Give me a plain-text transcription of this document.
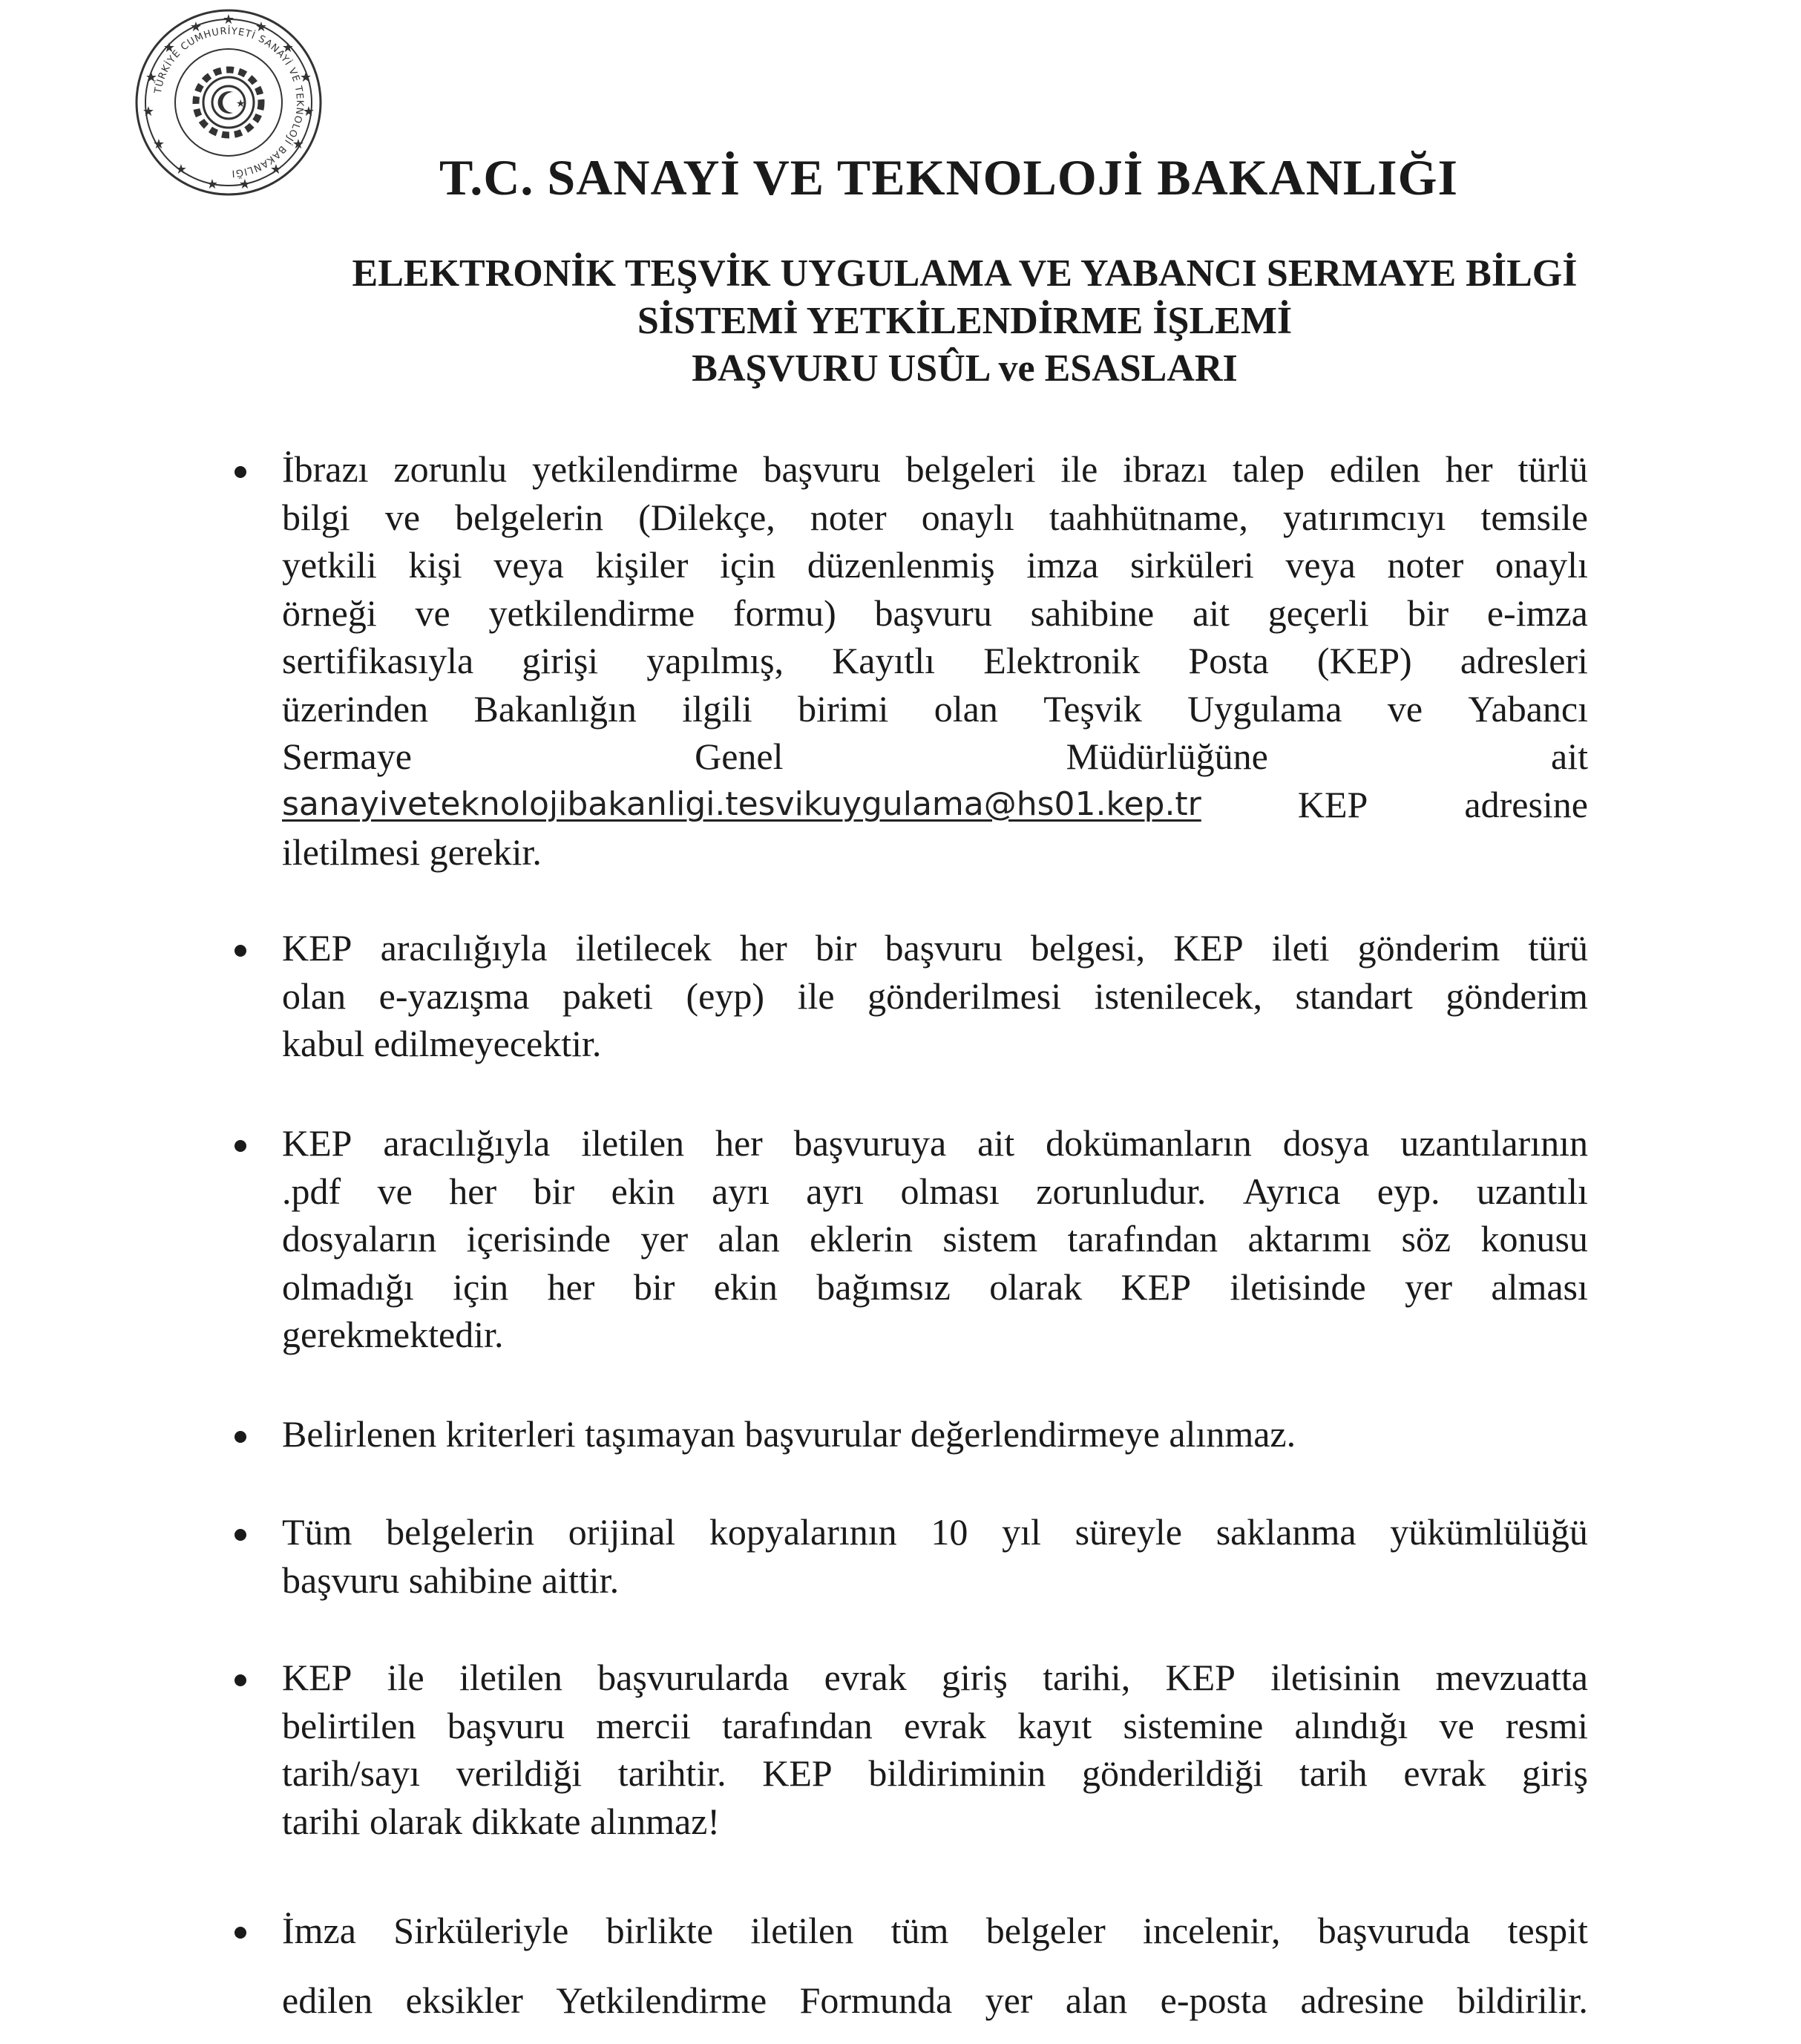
★ ★
★
★
★
★
★
★
★
★
★
★
★
★
★
★
TÜRKİYE CUMHURİYETİ SANAYİ VE TEKNOLOJİ BAKANLIĞI	T.C. SANAYİ VE TEKNOLOJİ BAKANLIĞI
ELEKTRONİK TEŞVİK UYGULAMA VE YABANCI SERMAYE BİLGİ
SİSTEMİ YETKİLENDİRME İŞLEMİ
BAŞVURU USÛL ve ESASLARI
İbrazı zorunlu yetkilendirme başvuru belgeleri ile ibrazı talep edilen her türlü
bilgi ve belgelerin (Dilekçe, noter onaylı taahhütname, yatırımcıyı temsile
yetkili kişi veya kişiler için düzenlenmiş imza sirküleri veya noter onaylı
örneği ve yetkilendirme formu) başvuru sahibine ait geçerli bir e-imza
sertifikasıyla girişi yapılmış, Kayıtlı Elektronik Posta (KEP) adresleri
üzerinden Bakanlığın ilgili birimi olan Teşvik Uygulama ve Yabancı
Sermaye	Genel	Müdürlüğüne	ait
sanayiveteknolojibakanligi.tesvikuygulama@hs01.kep.tr	KEP	adresine
iletilmesi gerekir.
KEP aracılığıyla iletilecek her bir başvuru belgesi, KEP ileti gönderim türü
olan e-yazışma paketi (eyp) ile gönderilmesi istenilecek, standart gönderim
kabul edilmeyecektir.
KEP aracılığıyla iletilen her başvuruya ait dokümanların dosya uzantılarının
.pdf ve her bir ekin ayrı ayrı olması zorunludur. Ayrıca eyp. uzantılı
dosyaların içerisinde yer alan eklerin sistem tarafından aktarımı söz konusu
olmadığı için her bir ekin bağımsız olarak KEP iletisinde yer alması
gerekmektedir.
Belirlenen kriterleri taşımayan başvurular değerlendirmeye alınmaz.
Tüm belgelerin orijinal kopyalarının 10 yıl süreyle saklanma yükümlülüğü
başvuru sahibine aittir.
KEP ile iletilen başvurularda evrak giriş tarihi, KEP iletisinin mevzuatta
belirtilen başvuru mercii tarafından evrak kayıt sistemine alındığı ve resmi
tarih/sayı verildiği tarihtir. KEP bildiriminin gönderildiği tarih evrak giriş
tarihi olarak dikkate alınmaz!
İmza Sirküleriyle birlikte iletilen tüm belgeler incelenir, başvuruda tespit
edilen eksikler Yetkilendirme Formunda yer alan e-posta adresine bildirilir.
